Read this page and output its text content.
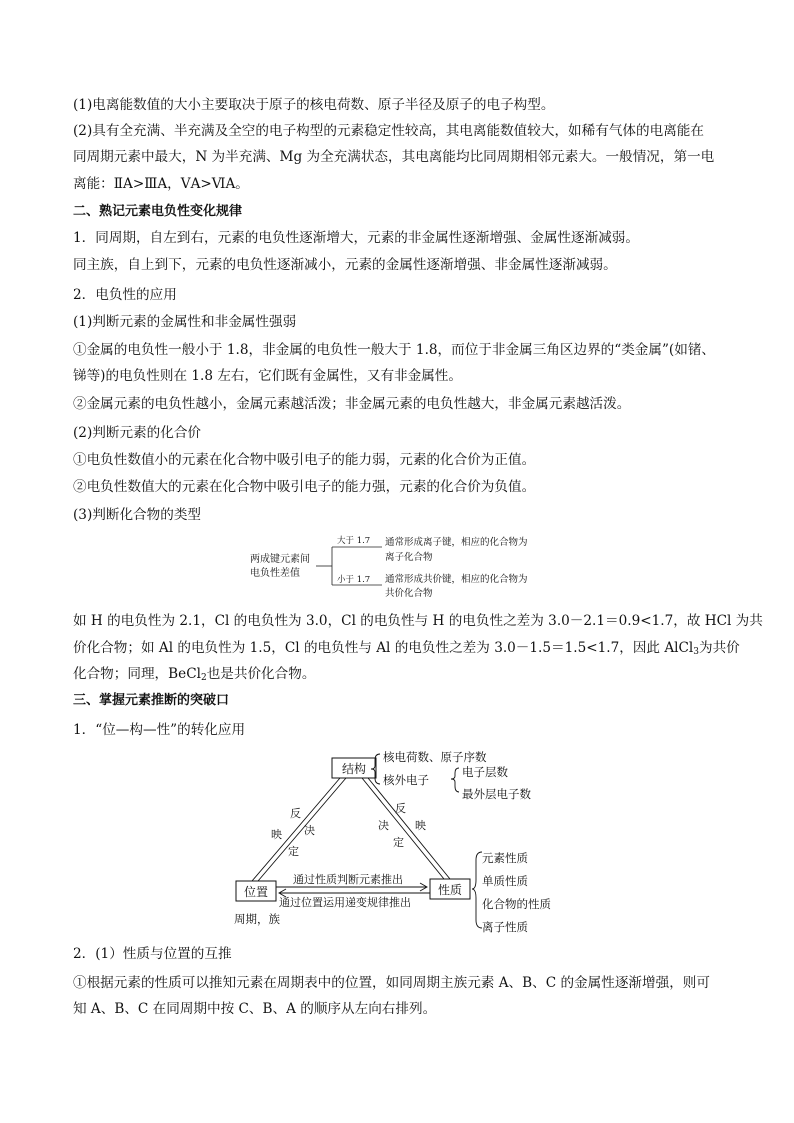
(1)电离能数值的大小主要取决于原子的核电荷数、原子半径及原子的电子构型。
(2)具有全充满、半充满及全空的电子构型的元素稳定性较高，其电离能数值较大，如稀有气体的电离能在
同周期元素中最大，N 为半充满、Mg 为全充满状态，其电离能均比同周期相邻元素大。一般情况，第一电
离能：ⅡA>ⅢA，ⅤA>ⅥA。
二、熟记元素电负性变化规律
1．同周期，自左到右，元素的电负性逐渐增大，元素的非金属性逐渐增强、金属性逐渐减弱。
同主族，自上到下，元素的电负性逐渐减小，元素的金属性逐渐增强、非金属性逐渐减弱。
2．电负性的应用
(1)判断元素的金属性和非金属性强弱
①金属的电负性一般小于 1.8，非金属的电负性一般大于 1.8，而位于非金属三角区边界的“类金属”(如锗、
锑等)的电负性则在 1.8 左右，它们既有金属性，又有非金属性。
②金属元素的电负性越小，金属元素越活泼；非金属元素的电负性越大，非金属元素越活泼。
(2)判断元素的化合价
①电负性数值小的元素在化合物中吸引电子的能力弱，元素的化合价为正值。
②电负性数值大的元素在化合物中吸引电子的能力强，元素的化合价为负值。
(3)判断化合物的类型
两成键元素间
电负性差值
大于 1.7
小于 1.7
通常形成离子键，相应的化合物为
离子化合物
通常形成共价键，相应的化合物为
共价化合物
如 H 的电负性为 2.1，Cl 的电负性为 3.0，Cl 的电负性与 H 的电负性之差为 3.0－2.1＝0.9<1.7，故 HCl 为共
价化合物；如 Al 的电负性为 1.5，Cl 的电负性与 Al 的电负性之差为 3.0－1.5＝1.5<1.7，因此 AlCl$_3$为共价
化合物；同理，BeCl$_2$也是共价化合物。
三、掌握元素推断的突破口
1．“位—构—性”的转化应用
结构
位置	性质
反
映 决
定
反
决 映
定
通过性质判断元素推出
通过位置运用递变规律推出
周期，族
核电荷数、原子序数
核外电子
电子层数
最外层电子数
元素性质
单质性质
化合物的性质
离子性质
2．(1）性质与位置的互推
①根据元素的性质可以推知元素在周期表中的位置，如同周期主族元素 A、B、C 的金属性逐渐增强，则可
知 A、B、C 在同周期中按 C、B、A 的顺序从左向右排列。
